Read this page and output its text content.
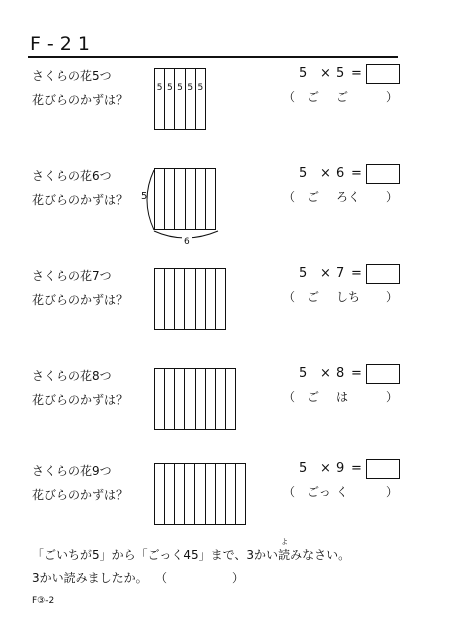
F-21
さくらの花5つ
花びらのかずは？
5 5 5 5 5
5 × 5 =
（ ご ご	）
さくらの花6つ
花びらのかずは？ 5
6
5 × 6 =
（ ご ろく ）
さくらの花7つ
花びらのかずは？
5 × 7 =
（ ご しち ）
さくらの花8つ
花びらのかずは？
5 × 8 =
（ ご は	）
さくらの花9つ
花びらのかずは？
5 × 9 =
（ ごっ く	）
「ごいちが5」から「ごっく45」まで、3かい
よ
読みなさい。
3かい読みましたか。 （	）
F③-2
